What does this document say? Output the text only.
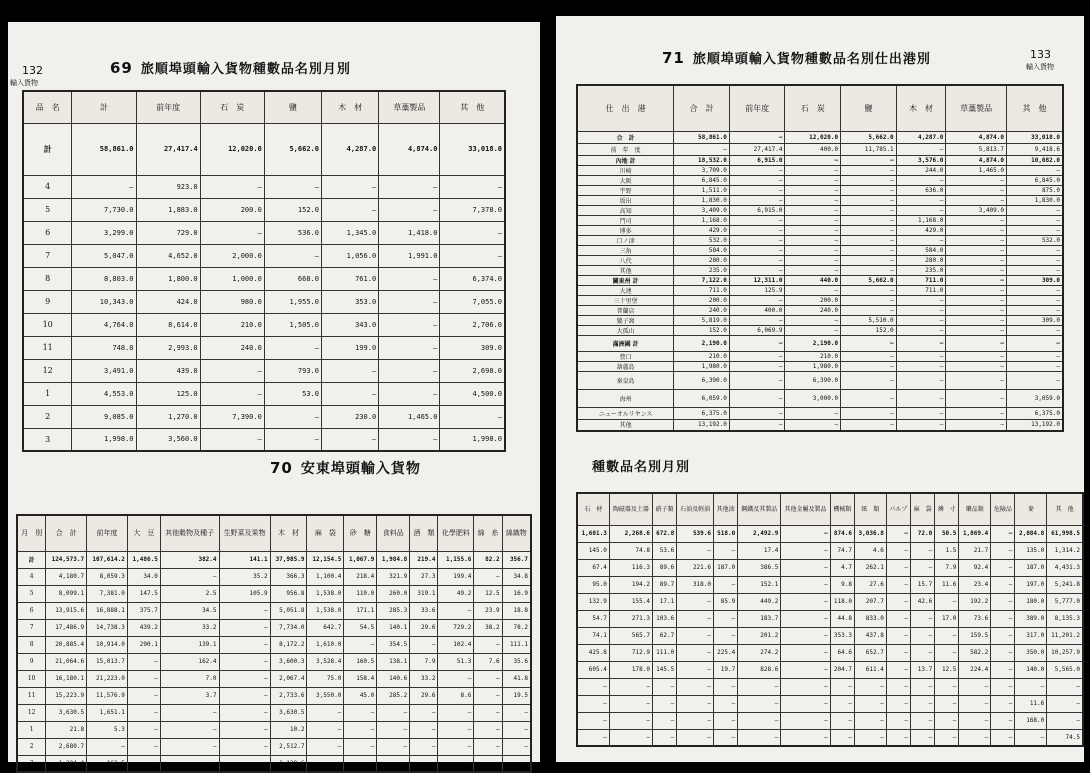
132
輸入貨物
69 旅順埠頭輸入貨物種數品名別月別
品　名	計	前年度	石　炭	鹽	木　材	草藁製品	其　他
計	58,861.0	27,417.4	12,020.0	5,662.0	4,287.0	4,874.0	33,018.0
4	—	923.0	—	—	—	—	—
5	7,730.0	1,883.0	200.0	152.0	—	—	7,378.0
6	3,299.0	729.0	—	536.0	1,345.0	1,418.0	—
7	5,047.0	4,652.0	2,000.0	—	1,056.0	1,991.0	—
8	8,803.0	1,800.0	1,000.0	668.0	761.0	—	6,374.0
9	10,343.0	424.0	980.0	1,955.0	353.0	—	7,055.0
10	4,764.0	8,614.0	210.0	1,505.0	343.0	—	2,706.0
11	748.0	2,993.0	240.0	—	199.0	—	309.0
12	3,491.0	439.0	—	793.0	—	—	2,698.0
1	4,553.0	125.0	—	53.0	—	—	4,500.0
2	9,085.0	1,270.0	7,390.0	—	230.0	1,465.0	—
3	1,998.0	3,560.0	—	—	—	—	1,998.0
70 安東埠頭輸入貨物
月　別	合　計	前年度	大　豆	其他穀物及種子	生野菜及果物	木　材	麻　袋	砂　糖	食料品	酒　類	化學肥料	綿　糸	綿織物
計	124,573.7	107,614.2	1,486.5	382.4	141.1	37,985.9	12,154.5	1,067.9	1,984.8	219.4	1,155.6	82.2	356.7
4	4,180.7	8,059.3	34.0	—	35.2	366.3	1,100.4	218.4	321.9	27.3	199.4	—	34.8
5	8,099.1	7,381.0	147.5	2.5	105.9	956.8	1,538.0	110.0	260.0	319.1	49.2	12.5	16.9
6	13,915.6	16,888.1	375.7	34.5	—	5,051.8	1,538.0	171.1	285.3	33.6	—	23.9	18.8
7	17,486.9	14,738.3	439.2	33.2	—	7,734.0	642.7	54.5	140.1	29.6	729.2	38.2	78.2
8	20,885.4	10,914.0	290.1	139.1	—	8,172.2	1,610.0	—	354.5	—	102.4	—	111.1
9	21,064.6	15,013.7	—	162.4	—	3,600.3	3,528.4	160.5	138.1	7.9	51.3	7.6	35.6
10	16,180.1	21,223.0	—	7.0	—	2,067.4	75.0	158.4	140.6	33.2	—	—	41.8
11	15,223.9	11,576.9	—	3.7	—	2,733.6	3,550.0	45.0	285.2	29.6	8.6	—	19.5
12	3,630.5	1,651.1	—	—	—	3,630.5	—	—	—	—	—	—	—
1	21.8	5.3	—	—	—	10.2	—	—	—	—	—	—	—
2	2,680.7	—	—	—	—	2,512.7	—	—	—	—	—	—	—
3	1,204.4	163.5	—	—	—	1,129.6	—	—	—	—	—	—	—
133
輸入貨物
71 旅順埠頭輸入貨物種數品名別仕出港別
仕　出　港	合　計	前年度	石　炭	鹽	木　材	草藁製品	其　他
合　計	58,861.0	—	12,020.0	5,662.0	4,287.0	4,874.0	33,018.0
前　年　度	—	27,417.4	400.0	11,785.1	—	5,813.7	9,418.6
內地 計	18,532.0	6,915.0	—	—	3,576.0	4,874.0	10,082.0
川崎	3,709.0	—	—	—	244.0	1,465.0	—
大阪	6,845.0	—	—	—	—	—	6,845.0
宇野	1,511.0	—	—	—	636.0	—	875.0
坂出	1,830.0	—	—	—	—	—	1,830.0
高知	3,409.0	6,915.0	—	—	—	3,409.0	—
門司	1,168.0	—	—	—	1,168.0	—	—
博多	429.0	—	—	—	429.0	—	—
口ノ津	532.0	—	—	—	—	—	532.0
三角	584.0	—	—	—	584.0	—	—
八代	280.0	—	—	—	280.0	—	—
其他	235.0	—	—	—	235.0	—	—
關東州 計	7,122.0	12,311.0	440.0	5,662.0	711.0	—	309.0
大連	711.0	125.9	—	—	711.0	—	—
三十里堡	200.0	—	200.0	—	—	—	—
普蘭店	240.0	400.0	240.0	—	—	—	—
貔子窩	5,819.0	—	—	5,510.0	—	—	309.0
大孤山	152.0	6,069.9	—	152.0	—	—	—
滿洲國 計	2,190.0	—	2,190.0	—	—	—	—
營口	210.0	—	210.0	—	—	—	—
葫蘆島	1,980.0	—	1,980.0	—	—	—	—
秦皇島	6,390.0	—	6,390.0	—	—	—	—
海州	6,059.0	—	3,000.0	—	—	—	3,059.0
ニューオルリヤンス	6,375.0	—	—	—	—	—	6,375.0
其他	13,192.0	—	—	—	—	—	13,192.0
種數品名別月別
石　材	陶磁器及土器	硝子類	石油及輕油	其他油	鋼鐵及其製品	其他金屬及製品	機械類	紙　類	パルプ	麻　袋	燐　寸	藥品類	危險品	麥	其　他
1,601.3	2,268.6	672.8	539.6	518.0	2,492.9	—	874.6	3,036.8	—	72.0	50.5	1,869.4	—	2,084.8	61,998.5
145.0	74.8	53.6	—	—	17.4	—	74.7	4.6	—	—	1.5	21.7	—	135.0	1,314.2
67.4	116.3	89.6	221.6	187.0	386.5	—	4.7	262.1	—	—	7.9	92.4	—	187.0	4,431.3
95.0	194.2	89.7	318.0	—	152.1	—	9.8	27.6	—	15.7	11.6	23.4	—	197.0	5,241.8
132.9	155.4	17.1	—	85.9	449.2	—	118.0	207.7	—	42.6	—	192.2	—	180.0	5,777.0
54.7	271.3	103.6	—	—	183.7	—	44.8	833.0	—	—	17.0	73.6	—	389.0	8,135.3
74.1	565.7	62.7	—	—	201.2	—	353.3	437.8	—	—	—	159.5	—	317.0	11,201.2
425.8	712.9	111.0	—	225.4	274.2	—	64.6	652.7	—	—	—	582.2	—	350.0	10,257.9
605.4	178.0	145.5	—	19.7	828.6	—	204.7	611.4	—	13.7	12.5	224.4	—	140.0	5,565.0
—	—	—	—	—	—	—	—	—	—	—	—	—	—	—	—
—	—	—	—	—	—	—	—	—	—	—	—	—	—	11.6	—
—	—	—	—	—	—	—	—	—	—	—	—	—	—	168.0	—
—	—	—	—	—	—	—	—	—	—	—	—	—	—	—	74.5
